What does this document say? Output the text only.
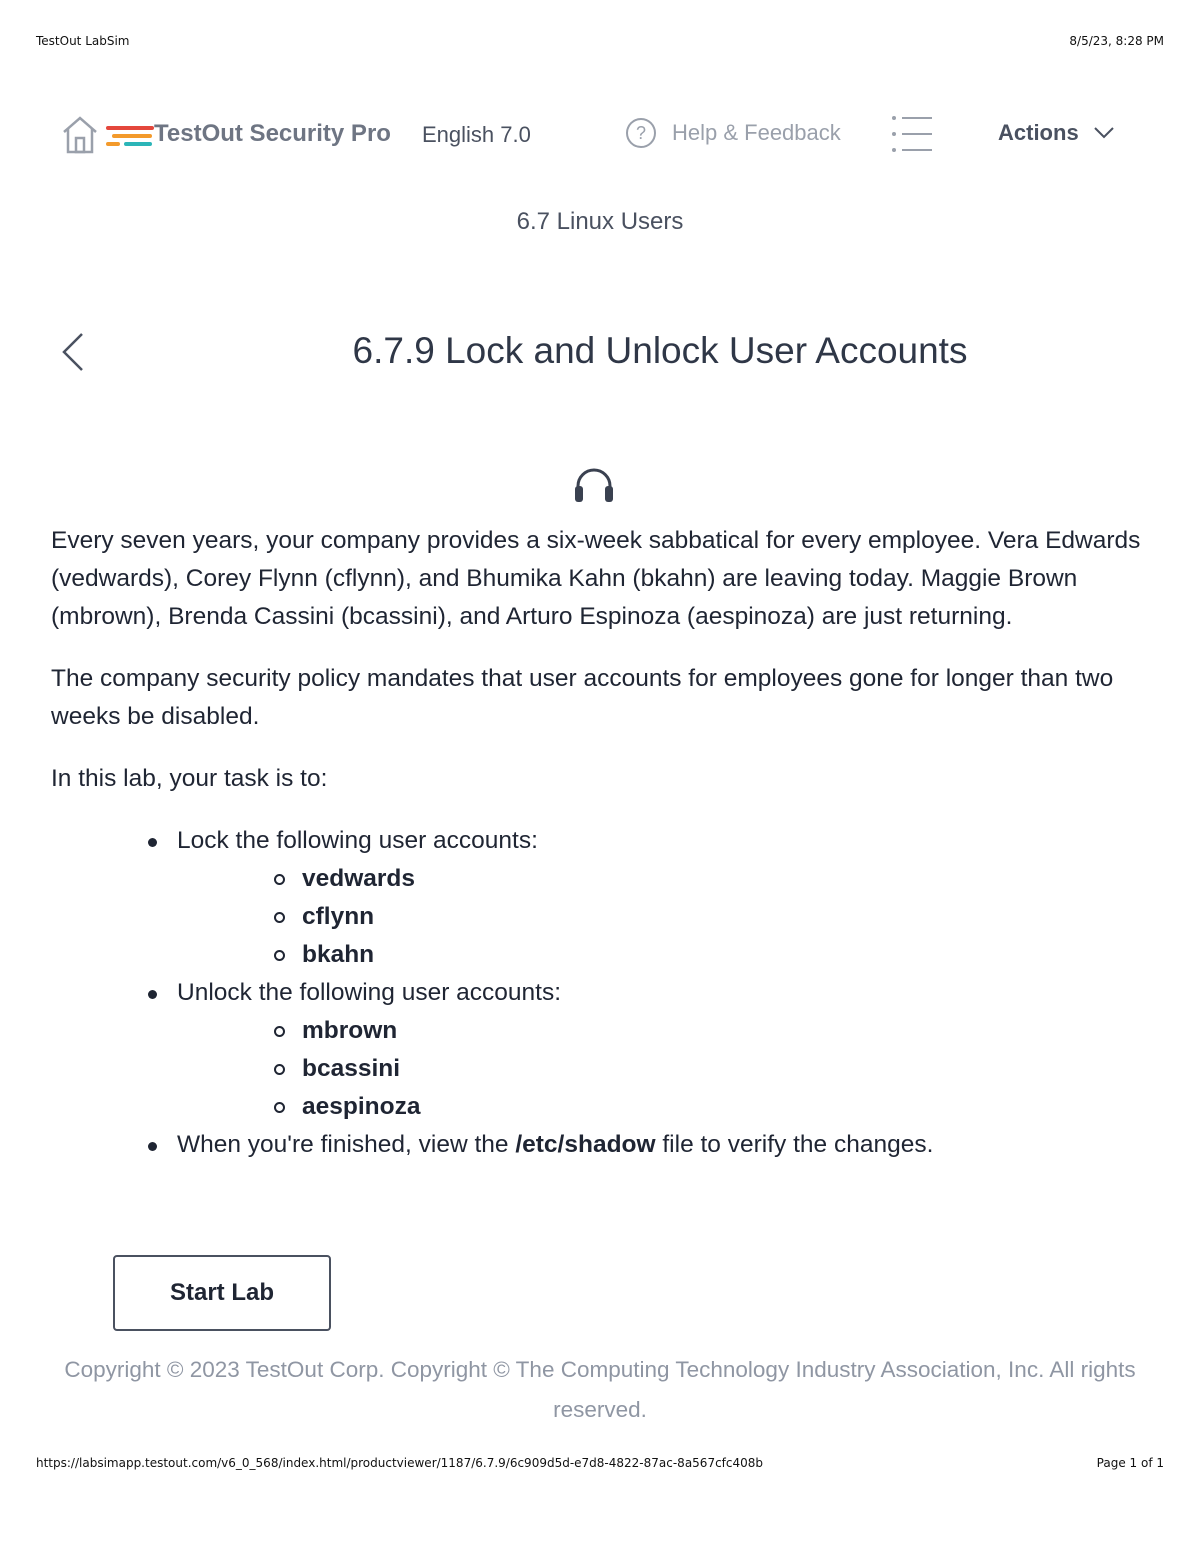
TestOut LabSim	8/5/23, 8:28 PM
TestOut Security Pro English 7.0	?	Help & Feedback	Actions
6.7 Linux Users
6.7.9 Lock and Unlock User Accounts

Every seven years, your company provides a six-week sabbatical for every employee. Vera Edwards (vedwards), Corey Flynn (cflynn), and Bhumika Kahn (bkahn) are leaving today. Maggie Brown (mbrown), Brenda Cassini (bcassini), and Arturo Espinoza (aespinoza) are just returning.

The company security policy mandates that user accounts for employees gone for longer than two weeks be disabled.

In this lab, your task is to:

Lock the following user accounts:
vedwards
cflynn
bkahn
Unlock the following user accounts:
mbrown
bcassini
aespinoza
When you're finished, view the /etc/shadow file to verify the changes.
Start Lab
Copyright © 2023 TestOut Corp. Copyright © The Computing Technology Industry Association, Inc. All rights reserved.
https://labsimapp.testout.com/v6_0_568/index.html/productviewer/1187/6.7.9/6c909d5d-e7d8-4822-87ac-8a567cfc408b	Page 1 of 1
